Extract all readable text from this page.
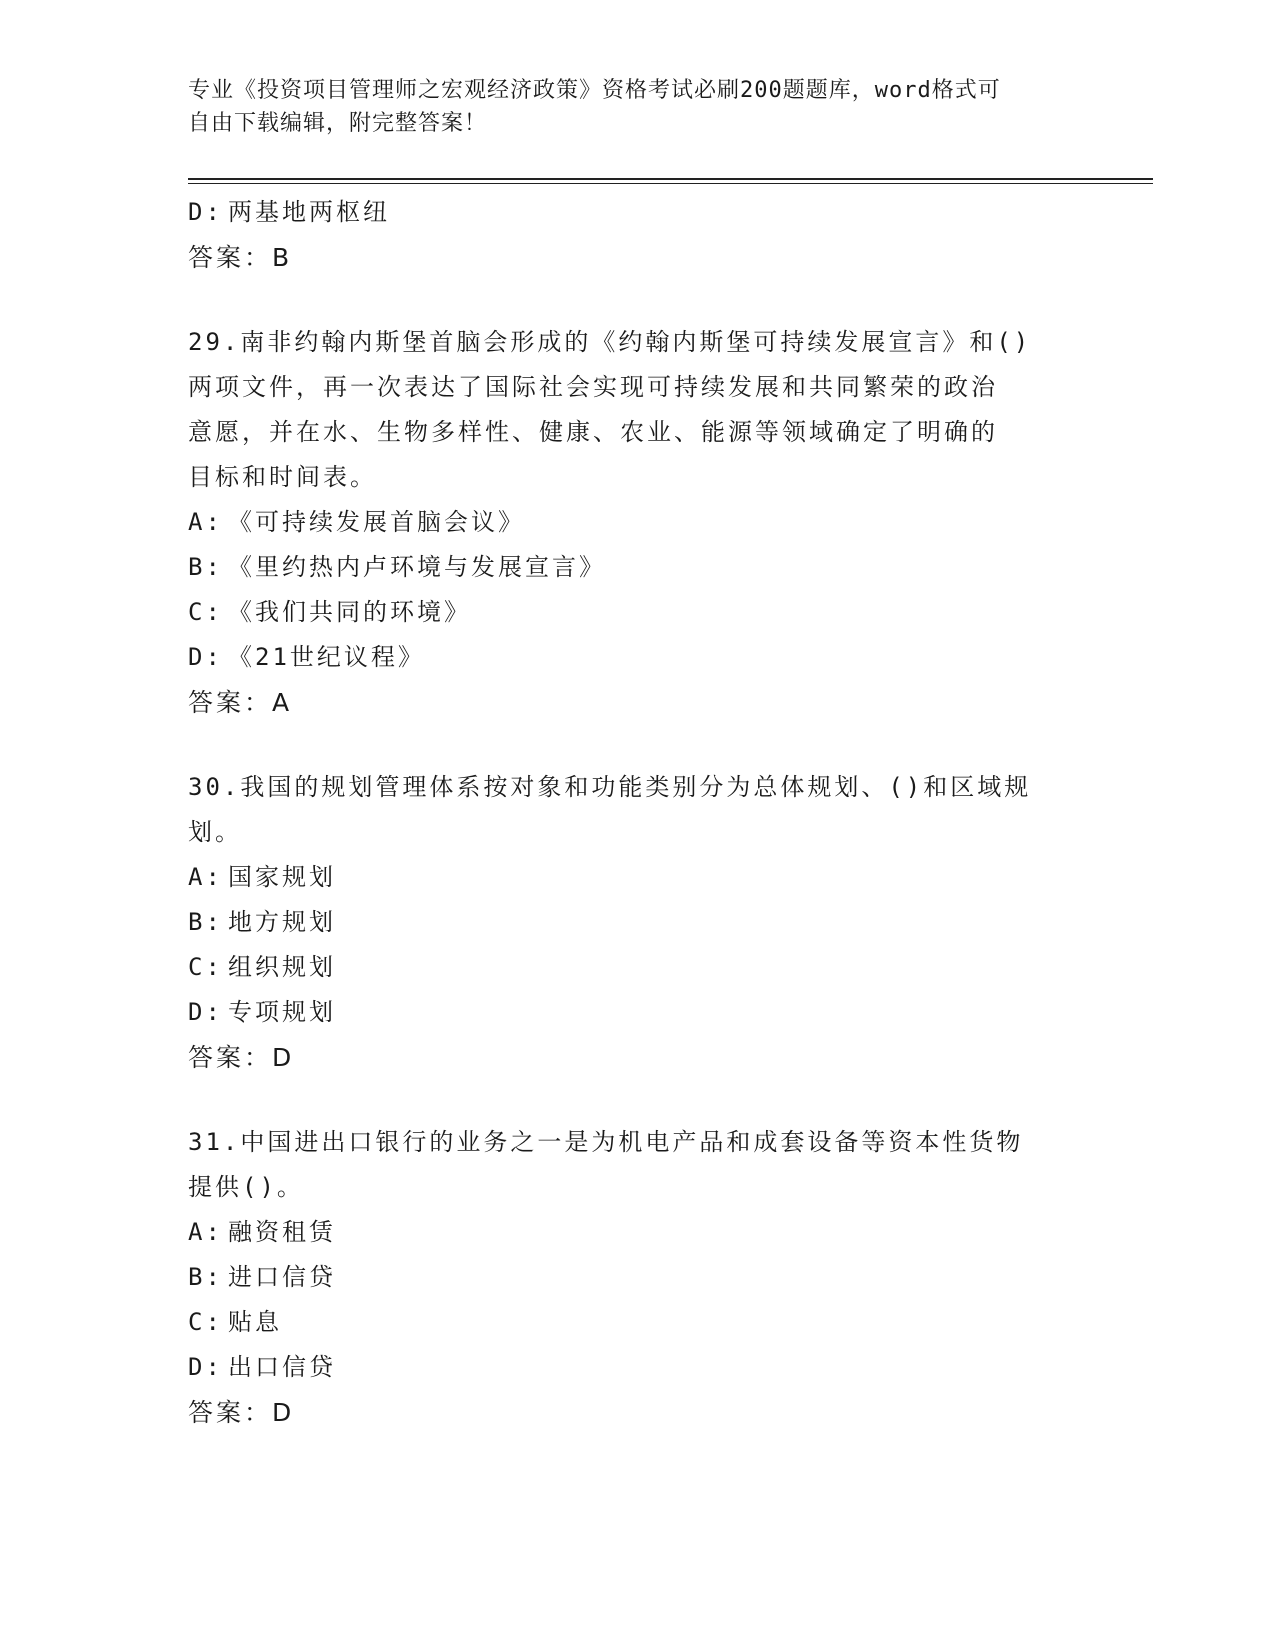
专业《投资项目管理师之宏观经济政策》资格考试必刷200题题库，word格式可
自由下载编辑，附完整答案！

D: 两基地两枢纽

答案：B

29.南非约翰内斯堡首脑会形成的《约翰内斯堡可持续发展宣言》和()

两项文件，再一次表达了国际社会实现可持续发展和共同繁荣的政治

意愿，并在水、生物多样性、健康、农业、能源等领域确定了明确的

目标和时间表。

A: 《可持续发展首脑会议》

B: 《里约热内卢环境与发展宣言》

C: 《我们共同的环境》

D: 《21世纪议程》

答案：A

30.我国的规划管理体系按对象和功能类别分为总体规划、()和区域规

划。

A: 国家规划

B: 地方规划

C: 组织规划

D: 专项规划

答案：D

31.中国进出口银行的业务之一是为机电产品和成套设备等资本性货物

提供()。

A: 融资租赁

B: 进口信贷

C: 贴息

D: 出口信贷

答案：D
